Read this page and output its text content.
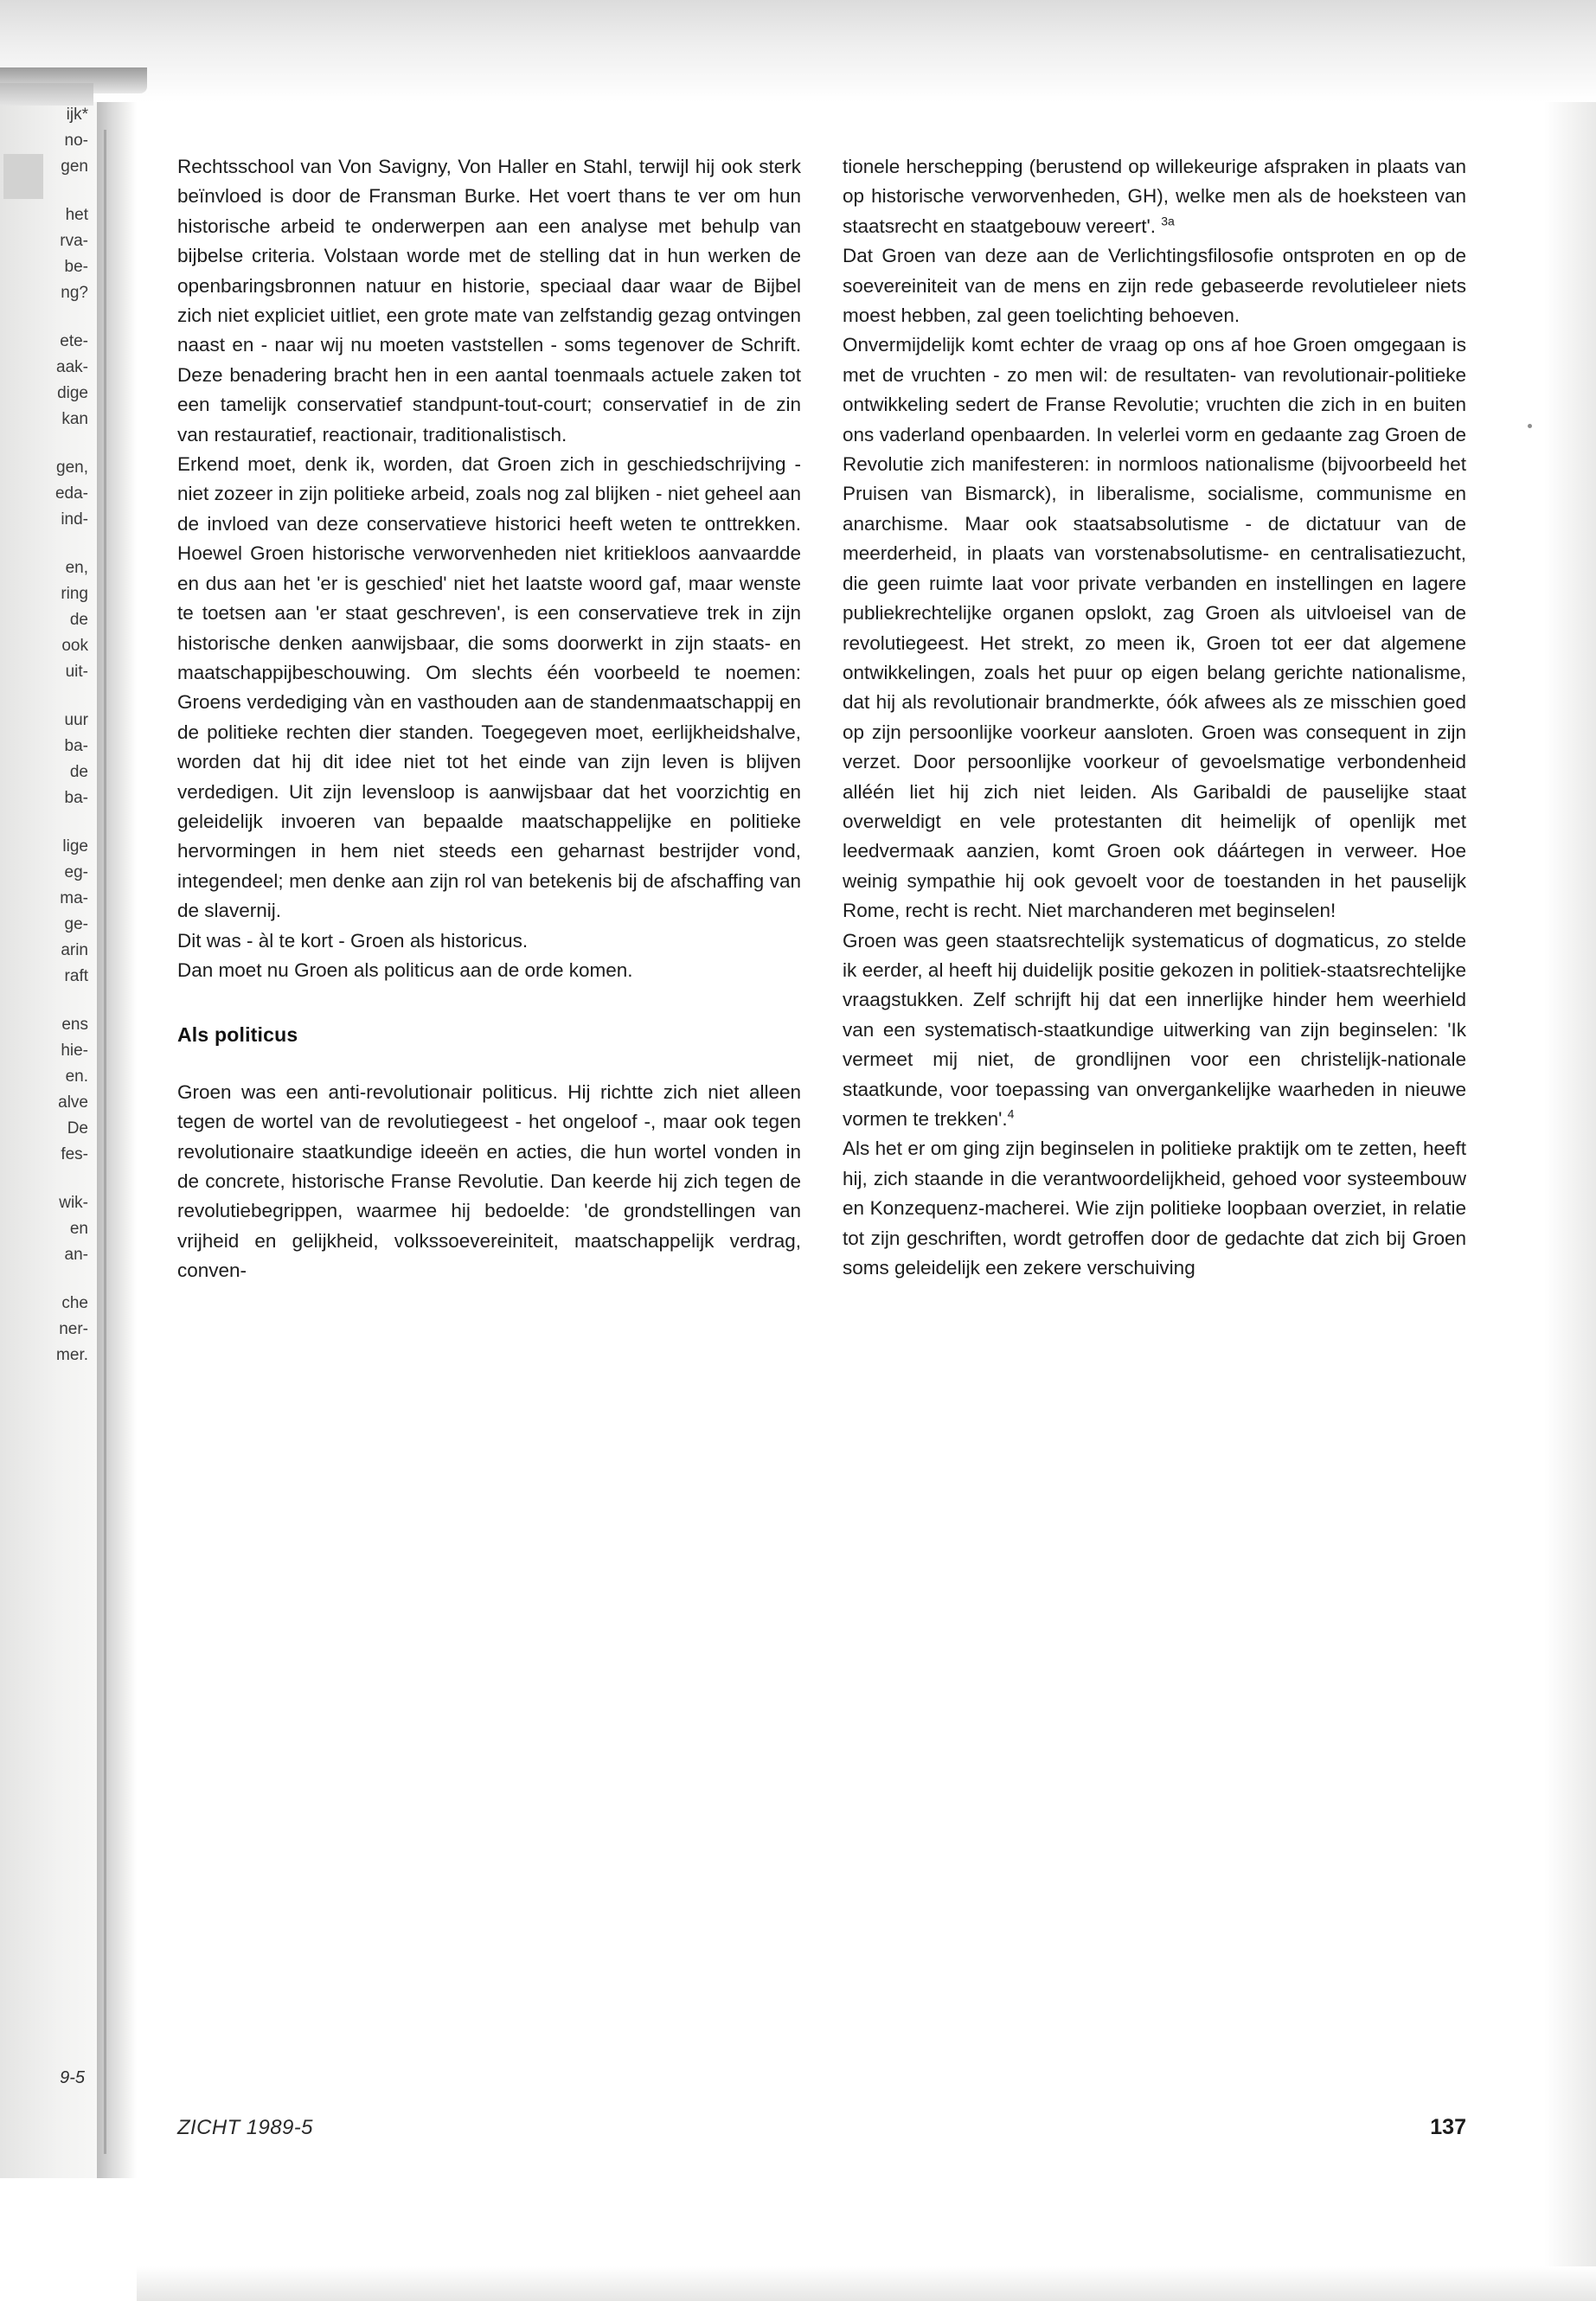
ijk*
no-
gen
het
rva-
be-
ng?
ete-
aak-
dige
kan
gen,
eda-
ind-
en,
ring
de
ook
uit-
uur
ba-
de
ba-
lige
eg-
ma-
ge-
arin
raft
ens
hie-
en.
alve
De
fes-
wik-
en
an-
che
ner-
mer.
9-5

Rechtsschool van Von Savigny, Von Haller en Stahl, terwijl hij ook sterk beïnvloed is door de Fransman Burke. Het voert thans te ver om hun historische arbeid te onderwerpen aan een analyse met behulp van bijbelse criteria. Volstaan worde met de stelling dat in hun werken de openbaringsbronnen natuur en historie, speciaal daar waar de Bijbel zich niet expliciet uitliet, een grote mate van zelfstandig gezag ontvingen naast en - naar wij nu moeten vaststellen - soms tegenover de Schrift. Deze benadering bracht hen in een aantal toenmaals actuele zaken tot een tamelijk conservatief standpunt-tout-court; conservatief in de zin van restauratief, reactionair, traditionalistisch.

Erkend moet, denk ik, worden, dat Groen zich in geschiedschrijving - niet zozeer in zijn politieke arbeid, zoals nog zal blijken - niet geheel aan de invloed van deze conservatieve historici heeft weten te onttrekken. Hoewel Groen historische verworvenheden niet kritiekloos aanvaardde en dus aan het 'er is geschied' niet het laatste woord gaf, maar wenste te toetsen aan 'er staat geschreven', is een conservatieve trek in zijn historische denken aanwijsbaar, die soms doorwerkt in zijn staats- en maatschappijbeschouwing. Om slechts één voorbeeld te noemen: Groens verdediging vàn en vasthouden aan de standenmaatschappij en de politieke rechten dier standen. Toegegeven moet, eerlijkheidshalve, worden dat hij dit idee niet tot het einde van zijn leven is blijven verdedigen. Uit zijn levensloop is aanwijsbaar dat het voorzichtig en geleidelijk invoeren van bepaalde maatschappelijke en politieke hervormingen in hem niet steeds een geharnast bestrijder vond, integendeel; men denke aan zijn rol van betekenis bij de afschaffing van de slavernij.

Dit was - àl te kort - Groen als historicus.

Dan moet nu Groen als politicus aan de orde komen.

Als politicus

Groen was een anti-revolutionair politicus. Hij richtte zich niet alleen tegen de wortel van de revolutiegeest - het ongeloof -, maar ook tegen revolutionaire staatkundige ideeën en acties, die hun wortel vonden in de concrete, historische Franse Revolutie. Dan keerde hij zich tegen de revolutiebegrippen, waarmee hij bedoelde: 'de grondstellingen van vrijheid en gelijkheid, volkssoevereiniteit, maatschappelijk verdrag, conven-

tionele herschepping (berustend op willekeurige afspraken in plaats van op historische verworvenheden, GH), welke men als de hoeksteen van staatsrecht en staatgebouw vereert'. $^{3a}$

Dat Groen van deze aan de Verlichtingsfilosofie ontsproten en op de soevereiniteit van de mens en zijn rede gebaseerde revolutieleer niets moest hebben, zal geen toelichting behoeven.

Onvermijdelijk komt echter de vraag op ons af hoe Groen omgegaan is met de vruchten - zo men wil: de resultaten- van revolutionair-politieke ontwikkeling sedert de Franse Revolutie; vruchten die zich in en buiten ons vaderland openbaarden. In velerlei vorm en gedaante zag Groen de Revolutie zich manifesteren: in normloos nationalisme (bijvoorbeeld het Pruisen van Bismarck), in liberalisme, socialisme, communisme en anarchisme. Maar ook staatsabsolutisme - de dictatuur van de meerderheid, in plaats van vorstenabsolutisme- en centralisatiezucht, die geen ruimte laat voor private verbanden en instellingen en lagere publiekrechtelijke organen opslokt, zag Groen als uitvloeisel van de revolutiegeest. Het strekt, zo meen ik, Groen tot eer dat algemene ontwikkelingen, zoals het puur op eigen belang gerichte nationalisme, dat hij als revolutionair brandmerkte, óók afwees als ze misschien goed op zijn persoonlijke voorkeur aansloten. Groen was consequent in zijn verzet. Door persoonlijke voorkeur of gevoelsmatige verbondenheid alléén liet hij zich niet leiden. Als Garibaldi de pauselijke staat overweldigt en vele protestanten dit heimelijk of openlijk met leedvermaak aanzien, komt Groen ook dáártegen in verweer. Hoe weinig sympathie hij ook gevoelt voor de toestanden in het pauselijk Rome, recht is recht. Niet marchanderen met beginselen!

Groen was geen staatsrechtelijk systematicus of dogmaticus, zo stelde ik eerder, al heeft hij duidelijk positie gekozen in politiek-staatsrechtelijke vraagstukken. Zelf schrijft hij dat een innerlijke hinder hem weerhield van een systematisch-staatkundige uitwerking van zijn beginselen: 'Ik vermeet mij niet, de grondlijnen voor een christelijk-nationale staatkunde, voor toepassing van onvergankelijke waarheden in nieuwe vormen te trekken'.$^4$

Als het er om ging zijn beginselen in politieke praktijk om te zetten, heeft hij, zich staande in die verantwoordelijkheid, gehoed voor systeembouw en Konzequenz-macherei. Wie zijn politieke loopbaan overziet, in relatie tot zijn geschriften, wordt getroffen door de gedachte dat zich bij Groen soms geleidelijk een zekere verschuiving

ZICHT 1989-5	137
